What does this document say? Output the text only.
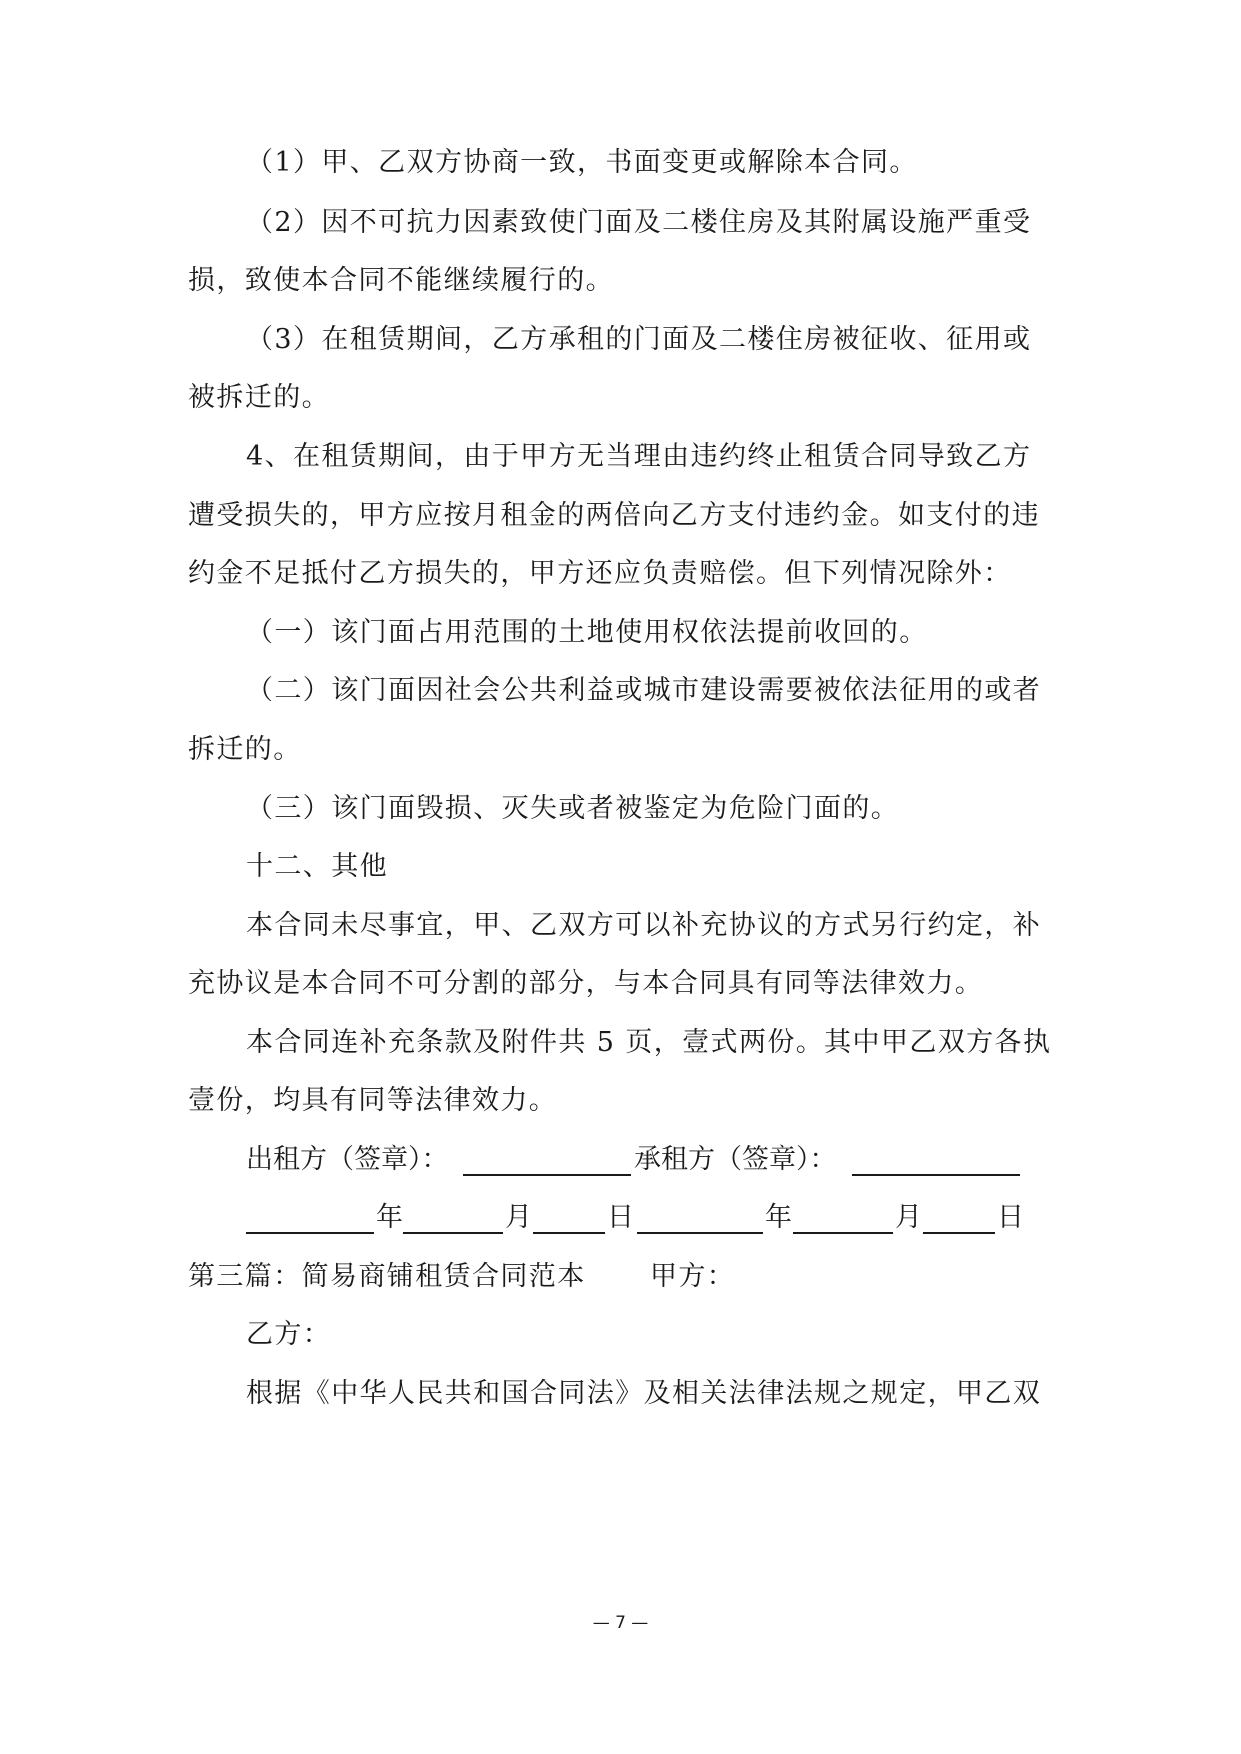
（1）甲、乙双方协商一致，书面变更或解除本合同。
（2）因不可抗力因素致使门面及二楼住房及其附属设施严重受
损，致使本合同不能继续履行的。
（3）在租赁期间，乙方承租的门面及二楼住房被征收、征用或
被拆迁的。
4、在租赁期间，由于甲方无当理由违约终止租赁合同导致乙方
遭受损失的，甲方应按月租金的两倍向乙方支付违约金。如支付的违
约金不足抵付乙方损失的，甲方还应负责赔偿。但下列情况除外：
（一）该门面占用范围的土地使用权依法提前收回的。
（二）该门面因社会公共利益或城市建设需要被依法征用的或者
拆迁的。
（三）该门面毁损、灭失或者被鉴定为危险门面的。
十二、其他
本合同未尽事宜，甲、乙双方可以补充协议的方式另行约定，补
充协议是本合同不可分割的部分，与本合同具有同等法律效力。
本合同连补充条款及附件共 5 页，壹式两份。其中甲乙双方各执
壹份，均具有同等法律效力。
出租方（签章）：	承租方（签章）：
年	月	日	年	月	日
第三篇：简易商铺租赁合同范本 甲方：
乙方：
根据《中华人民共和国合同法》及相关法律法规之规定，甲乙双
— 7 —
